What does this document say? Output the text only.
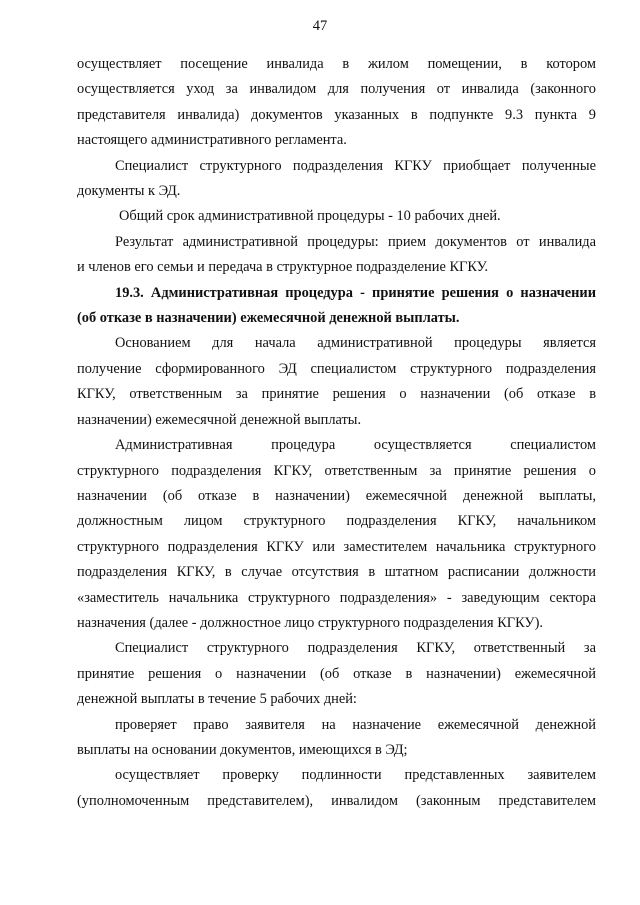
47

осуществляет посещение инвалида в жилом помещении, в котором
осуществляется уход за инвалидом для получения от инвалида (законного
представителя инвалида) документов указанных в подпункте 9.3 пункта 9
настоящего административного регламента.

Специалист структурного подразделения КГКУ приобщает полученные
документы к ЭД.

Общий срок административной процедуры - 10 рабочих дней.

Результат административной процедуры: прием документов от инвалида
и членов его семьи и передача в структурное подразделение КГКУ.

19.3. Административная процедура - принятие решения о назначении
(об отказе в назначении) ежемесячной денежной выплаты.

Основанием для начала административной процедуры является
получение сформированного ЭД специалистом структурного подразделения
КГКУ, ответственным за принятие решения о назначении (об отказе в
назначении) ежемесячной денежной выплаты.

Административная процедура осуществляется специалистом
структурного подразделения КГКУ, ответственным за принятие решения о
назначении (об отказе в назначении) ежемесячной денежной выплаты,
должностным лицом структурного подразделения КГКУ, начальником
структурного подразделения КГКУ или заместителем начальника структурного
подразделения КГКУ, в случае отсутствия в штатном расписании должности
«заместитель начальника структурного подразделения» - заведующим сектора
назначения (далее - должностное лицо структурного подразделения КГКУ).

Специалист структурного подразделения КГКУ, ответственный за
принятие решения о назначении (об отказе в назначении) ежемесячной
денежной выплаты в течение 5 рабочих дней:

проверяет право заявителя на назначение ежемесячной денежной
выплаты на основании документов, имеющихся в ЭД;

осуществляет проверку подлинности представленных заявителем
(уполномоченным представителем), инвалидом (законным представителем
